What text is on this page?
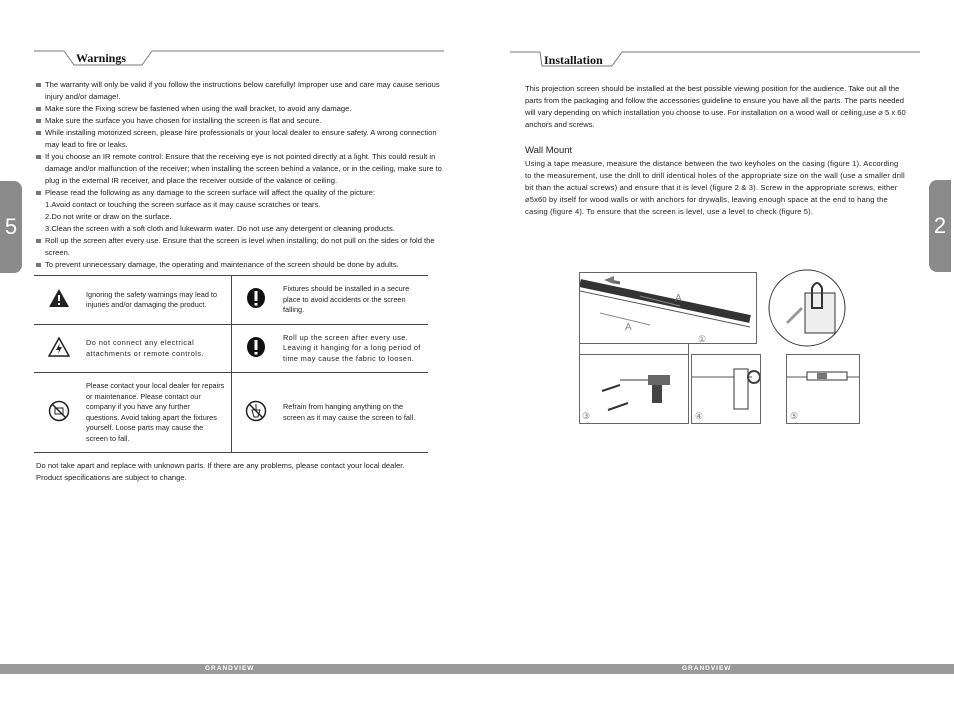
Warnings
5
The warranty will only be valid if you follow the instructions below carefully! Improper use and care may cause serious injury and/or damage!.
Make sure the Fixing screw be fastened when using the wall bracket, to avoid any damage.
Make sure the surface you have chosen for installing the screen is flat and secure.
While installing motorized screen, please hire professionals or your local dealer to ensure safety. A wrong connection may lead to fire or leaks.
If you choose an IR remote control: Ensure that the receiving eye is not pointed directly at a light. This could result in damage and/or malfunction of the receiver; when installing the screen behind a valance, or in the ceiling, make sure to plug in the external IR receiver, and place the receiver outside of the valance or ceiling.
Please read the following as any damage to the screen surface will affect the quality of the picture:
1.Avoid contact or touching the screen surface as it may cause scratches or tears.
2.Do not write or draw on the surface.
3.Clean the screen with a soft cloth and lukewarm water. Do not use any detergent or cleaning products.
Roll up the screen after every use. Ensure that the screen is level when installing; do not pull on the sides or fold the screen.
To prevent unnecessary damage, the operating and maintenance of the screen should be done by adults.
	Ignoring the safety warnings may lead to injuries and/or damaging the product.		Fixtures should be installed in a secure place to avoid accidents or the screen falling.
	Do not connect any electrical attachments or remote controls.		Roll up the screen after every use. Leaving it hanging for a long period of time may cause the fabric to loosen.
	Please contact your local dealer for repairs or maintenance. Please contact our company if you have any further questions. Avoid taking apart the fixtures yourself. Loose parts may cause the screen to fall.		Refrain from hanging anything on the screen as it may cause the screen to fall.
Do not take apart and replace with unknown parts. If there are any problems, please contact your local dealer.
Product specifications are subject to change.
GRANDVIEW
Installation
2
This projection screen should be installed at the best possible viewing position for the audience. Take out all the parts from the packaging and follow the accessories guideline to ensure you have all the parts. The parts needed will vary depending on which installation you choose to use. For installation on a wood wall or ceiling,use ⌀ 5 x 60 anchors and screws.
Wall Mount
Using a tape measure, measure the distance between the two keyholes on the casing (figure 1). According to the measurement, use the drill to drill identical holes of the appropriate size on the wall (use a smaller drill bit than the actual screws) and ensure that it is level (figure 2 & 3). Screw in the appropriate screws, either ⌀5x60 by itself for wood walls or with anchors for drywalls, leaving enough space at the end to hang the casing (figure 4). To ensure that the screen is level, use a level to check (figure 5).
A
A
①
③	④	⑤
GRANDVIEW
